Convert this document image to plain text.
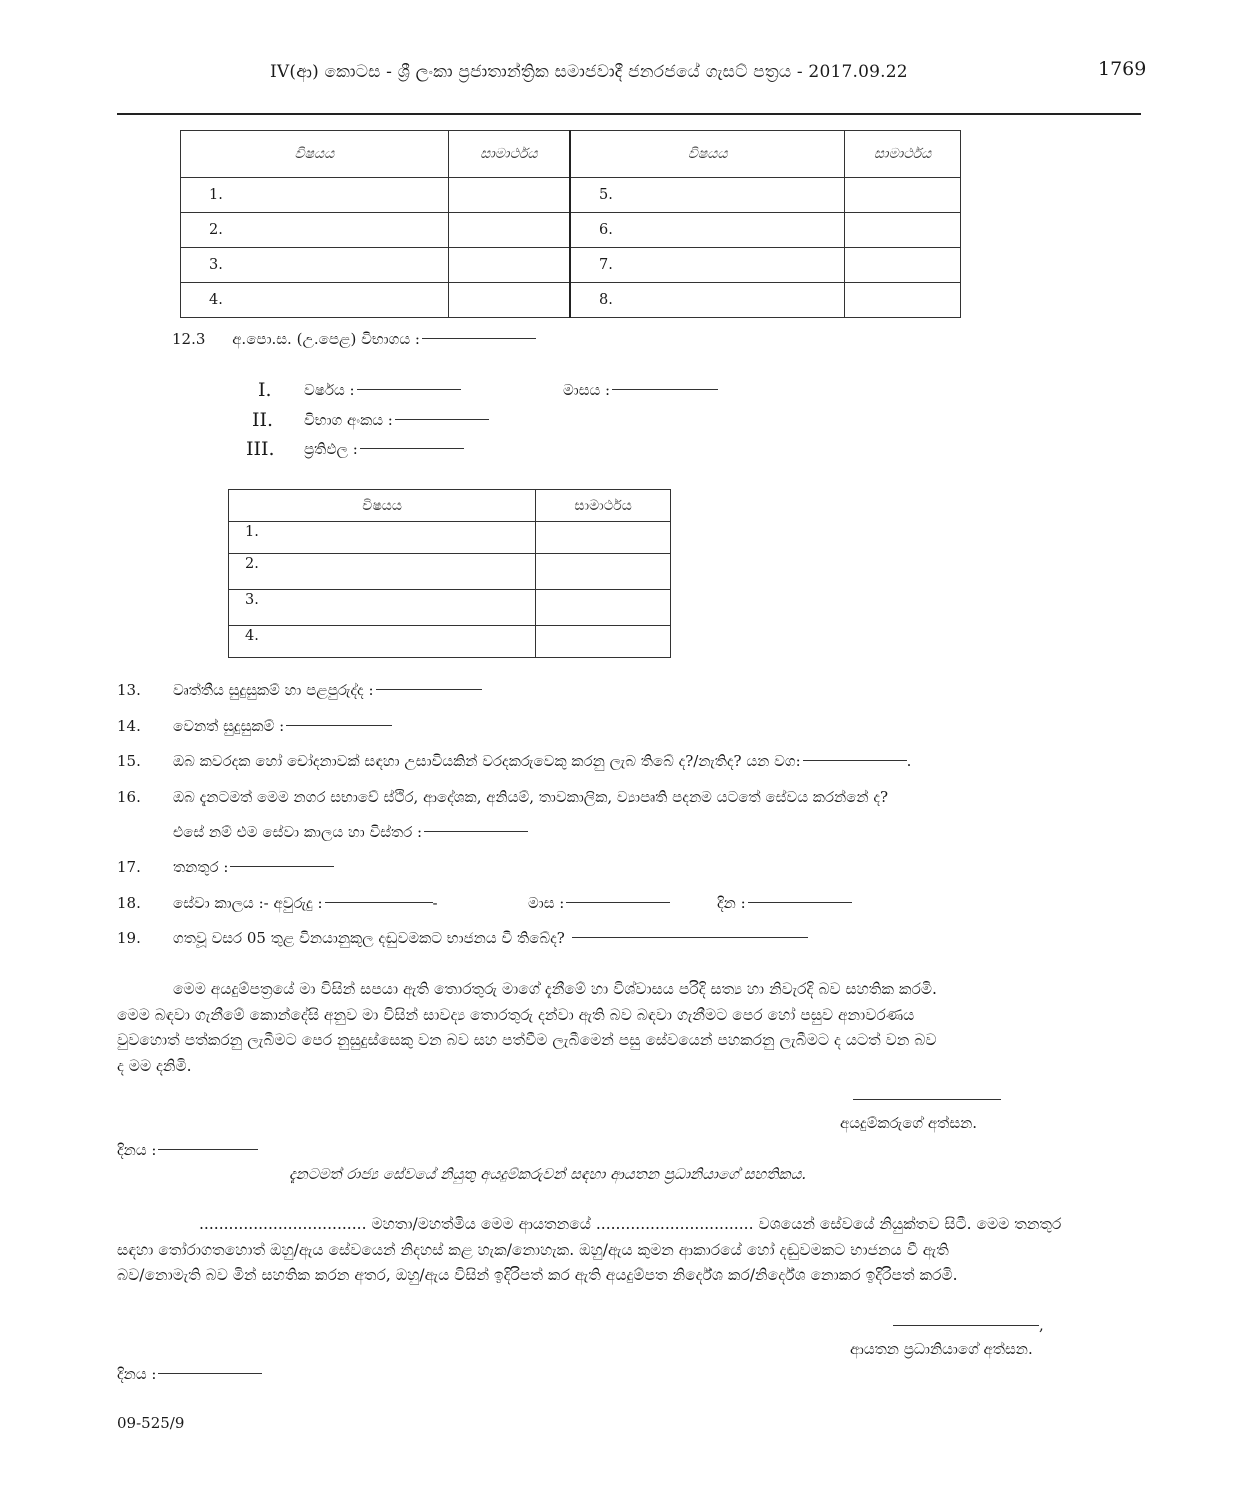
IV(ආ) කොටස - ශ්‍රී ලංකා ප්‍රජාතාන්ත්‍රික සමාජවාදී ජනරජයේ ගැසට් පත්‍රය - 2017.09.22	1769
විෂයය	සාමාර්ථය	විෂයය	සාමාර්ථය
1.		5.	
2.		6.	
3.		7.	
4.		8.	
12.3 අ.පො.ස. (උ.පෙළ) විභාගය :
I. වර්ෂය :	මාසය :
II. විභාග අංකය :
III. ප්‍රතිඵල :
විෂයය	සාමාර්ථය
1.	
2.	
3.	
4.	
13. වෘත්තීය සුදුසුකම් හා පළපුරුද්ද :
14. වෙනත් සුදුසුකම් :
15. ඔබ කවරදක හෝ චෝදනාවක් සඳහා උසාවියකින් වරදකරුවෙකු කරනු ලැබ තිබේ ද?/නැතිද? යන වග:	.
16. ඔබ දැනටමත් මෙම නගර සභාවේ ස්ථිර, ආදේශක, අනියම්, තාවකාලික, ව්‍යාපෘති පදනම යටතේ සේවය කරන්නේ ද?
එසේ නම් එම සේවා කාලය හා විස්තර :
17. තනතුර :
18. සේවා කාලය :- අවුරුදු :	-	මාස :	දින :
19. ගතවූ වසර 05 තුළ විනයානුකූල දඬුවමකට භාජනය වී තිබේද?
මෙම අයදුම්පත්‍රයේ මා විසින් සපයා ඇති තොරතුරු මාගේ දැනීමේ හා විශ්වාසය පරිදි සත්‍ය හා නිවැරදි බව සහතික කරමි.
මෙම බඳවා ගැනීමේ කොන්දේසි අනුව මා විසින් සාවද්‍ය තොරතුරු දන්වා ඇති බව බඳවා ගැනීමට පෙර හෝ පසුව අනාවරණය
වුවහොත් පත්කරනු ලැබීමට පෙර නුසුදුස්සෙකු වන බව සහ පත්වීම ලැබීමෙන් පසු සේවයෙන් පහකරනු ලැබීමට ද යටත් වන බව
ද මම දනිමි.
අයදුම්කරුගේ අත්සන.
දිනය :
දැනටමත් රාජ්‍ය සේවයේ නියුතු අයදුම්කරුවන් සඳහා ආයතන ප්‍රධානියාගේ සහතිකය.
.................................. මහතා/මහත්මිය මෙම ආයතනයේ ................................ වශයෙන් සේවයේ නියුක්තව සිටී. මෙම තනතුර
සඳහා තෝරාගතහොත් ඔහු/ඇය සේවයෙන් නිදහස් කළ හැක/නොහැක. ඔහු/ඇය කුමන ආකාරයේ හෝ දඬුවමකට භාජනය වී ඇති
බව/නොමැති බව මින් සහතික කරන අතර, ඔහු/ඇය විසින් ඉදිරිපත් කර ඇති අයදුම්පත නිර්දේශ කර/නිර්දේශ නොකර ඉදිරිපත් කරමි.
,
ආයතන ප්‍රධානියාගේ අත්සන.
දිනය :
09-525/9
